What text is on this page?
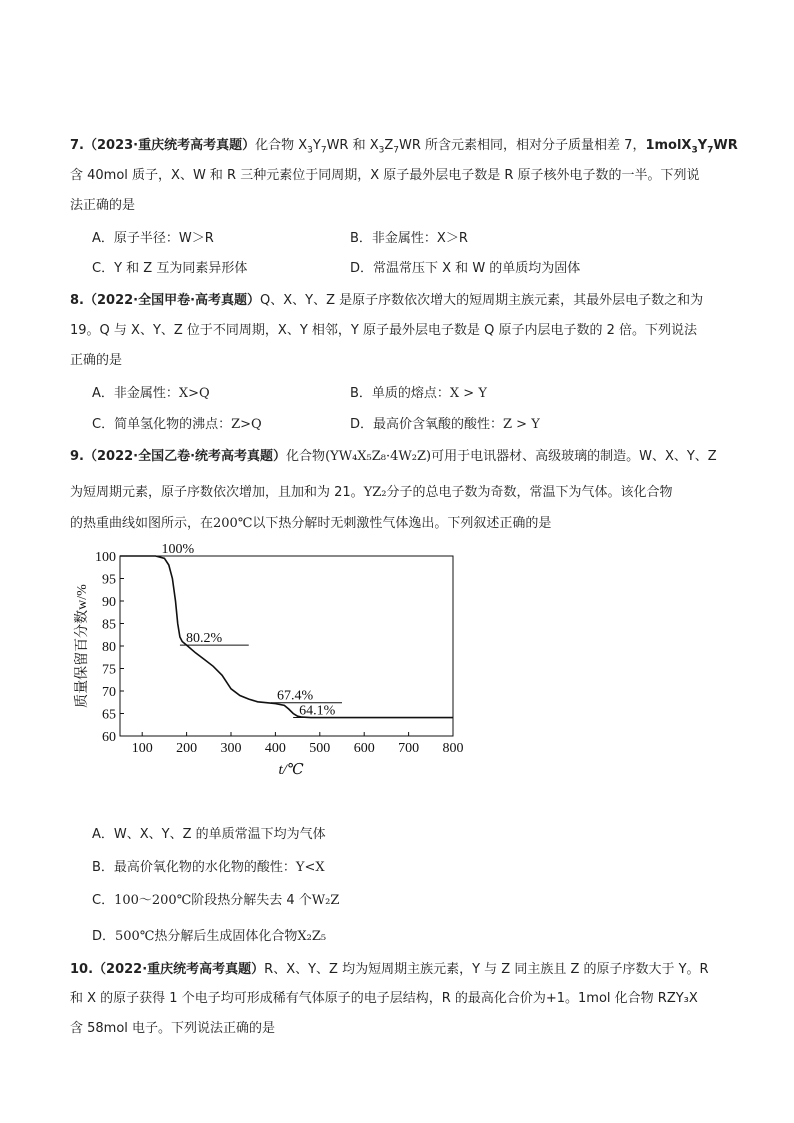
7.（2023·重庆统考高考真题）化合物 $X_3Y_7WR$ 和 $X_3Z_7WR$ 所含元素相同，相对分子质量相差 7，$1molX_3Y_7WR$
含 40mol 质子，X、W 和 R 三种元素位于同周期，X 原子最外层电子数是 R 原子核外电子数的一半。下列说
法正确的是
A．原子半径：W＞R	B．非金属性：X＞R
C．Y 和 Z 互为同素异形体	D．常温常压下 X 和 W 的单质均为固体
8.（2022·全国甲卷·高考真题）Q、X、Y、Z 是原子序数依次增大的短周期主族元素，其最外层电子数之和为
19。Q 与 X、Y、Z 位于不同周期，X、Y 相邻，Y 原子最外层电子数是 Q 原子内层电子数的 2 倍。下列说法
正确的是
A．非金属性：X>Q	B．单质的熔点：X > Y
C．简单氢化物的沸点：Z>Q	D．最高价含氧酸的酸性：Z > Y
9.（2022·全国乙卷·统考高考真题）化合物(YW₄X₅Z₈·4W₂Z)可用于电讯器材、高级玻璃的制造。W、X、Y、Z
为短周期元素，原子序数依次增加，且加和为 21。YZ₂分子的总电子数为奇数，常温下为气体。该化合物
的热重曲线如图所示，在200℃以下热分解时无刺激性气体逸出。下列叙述正确的是
100 200 300 400 500 600 700 800
60
65
70
75
80
85
90
95
100
100%
80.2%
67.4%
64.1%
t/℃
质量保留百分数w/%
A．W、X、Y、Z 的单质常温下均为气体
B．最高价氧化物的水化物的酸性：Y<X
C．100～200℃阶段热分解失去 4 个W₂Z
D．500℃热分解后生成固体化合物X₂Z₅
10.（2022·重庆统考高考真题）R、X、Y、Z 均为短周期主族元素，Y 与 Z 同主族且 Z 的原子序数大于 Y。R
和 X 的原子获得 1 个电子均可形成稀有气体原子的电子层结构，R 的最高化合价为+1。1mol 化合物 RZY₃X
含 58mol 电子。下列说法正确的是
